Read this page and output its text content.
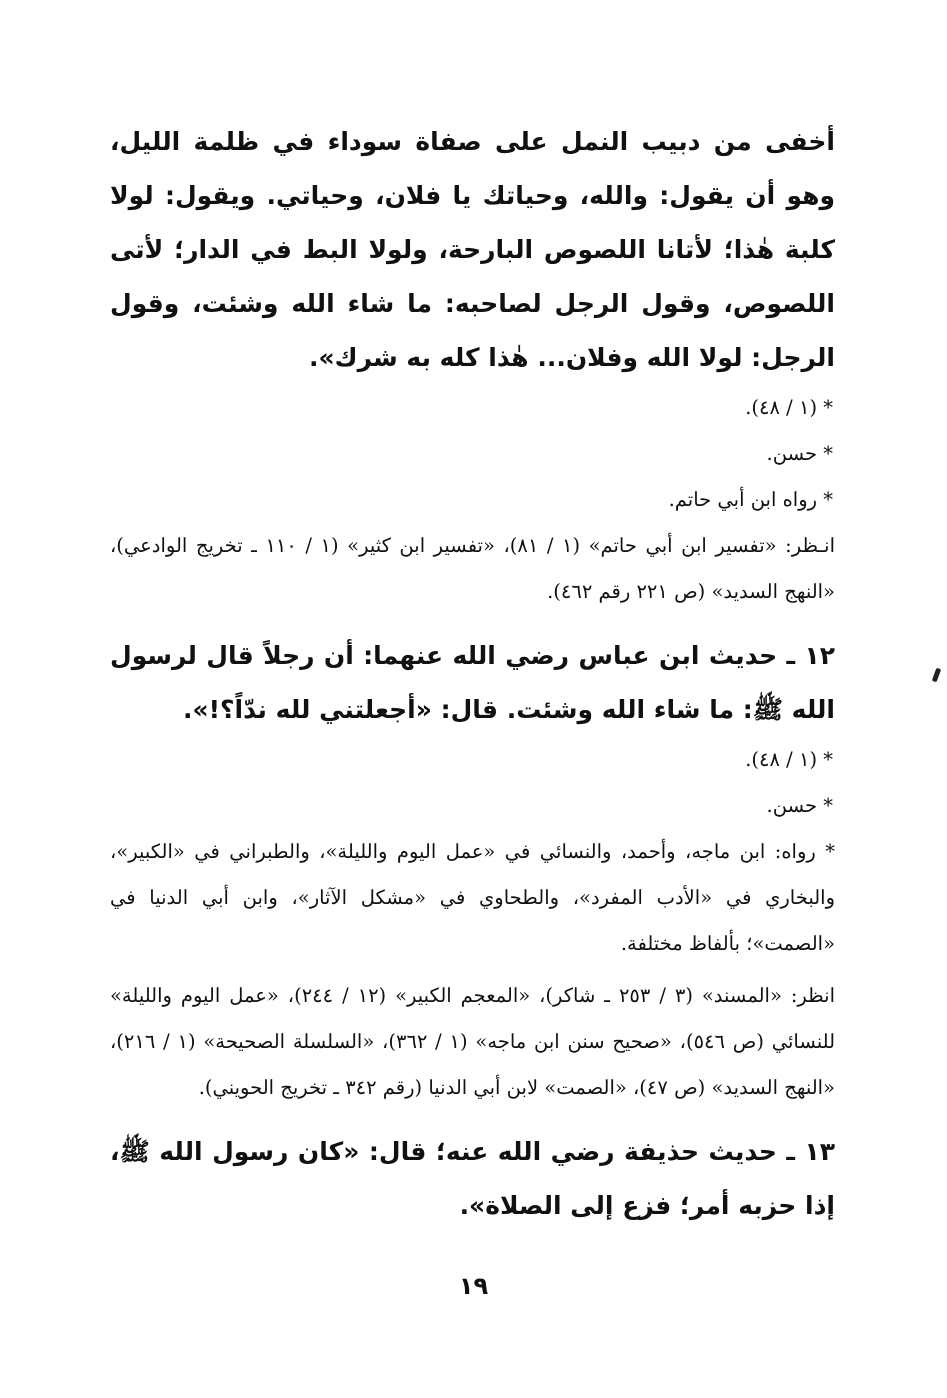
أخفى من دبيب النمل على صفاة سوداء في ظلمة الليل، وهو أن يقول: والله، وحياتك يا فلان، وحياتي. ويقول: لولا كلبة هٰذا؛ لأتانا اللصوص البارحة، ولولا البط في الدار؛ لأتى اللصوص، وقول الرجل لصاحبه: ما شاء الله وشئت، وقول الرجل: لولا الله وفلان... هٰذا كله به شرك».

* (١ / ٤٨).

* حسن.

* رواه ابن أبي حاتم.

انـظر: «تفسير ابن أبي حاتم» (١ / ٨١)، «تفسير ابن كثير» (١ / ١١٠ ـ تخريج الوادعي)، «النهج السديد» (ص ٢٢١ رقم ٤٦٢).

١٢ ـ حديث ابن عباس رضي الله عنهما: أن رجلاً قال لرسول الله ﷺ: ما شاء الله وشئت. قال: «أجعلتني لله ندّاً؟!».

* (١ / ٤٨).

* حسن.

* رواه: ابن ماجه، وأحمد، والنسائي في «عمل اليوم والليلة»، والطبراني في «الكبير»، والبخاري في «الأدب المفرد»، والطحاوي في «مشكل الآثار»، وابن أبي الدنيا في «الصمت»؛ بألفاظ مختلفة.

انظر: «المسند» (٣ / ٢٥٣ ـ شاكر)، «المعجم الكبير» (١٢ / ٢٤٤)، «عمل اليوم والليلة» للنسائي (ص ٥٤٦)، «صحيح سنن ابن ماجه» (١ / ٣٦٢)، «السلسلة الصحيحة» (١ / ٢١٦)، «النهج السديد» (ص ٤٧)، «الصمت» لابن أبي الدنيا (رقم ٣٤٢ ـ تخريج الحويني).

١٣ ـ حديث حذيفة رضي الله عنه؛ قال: «كان رسول الله ﷺ، إذا حزبه أمر؛ فزع إلى الصلاة».

١٩
